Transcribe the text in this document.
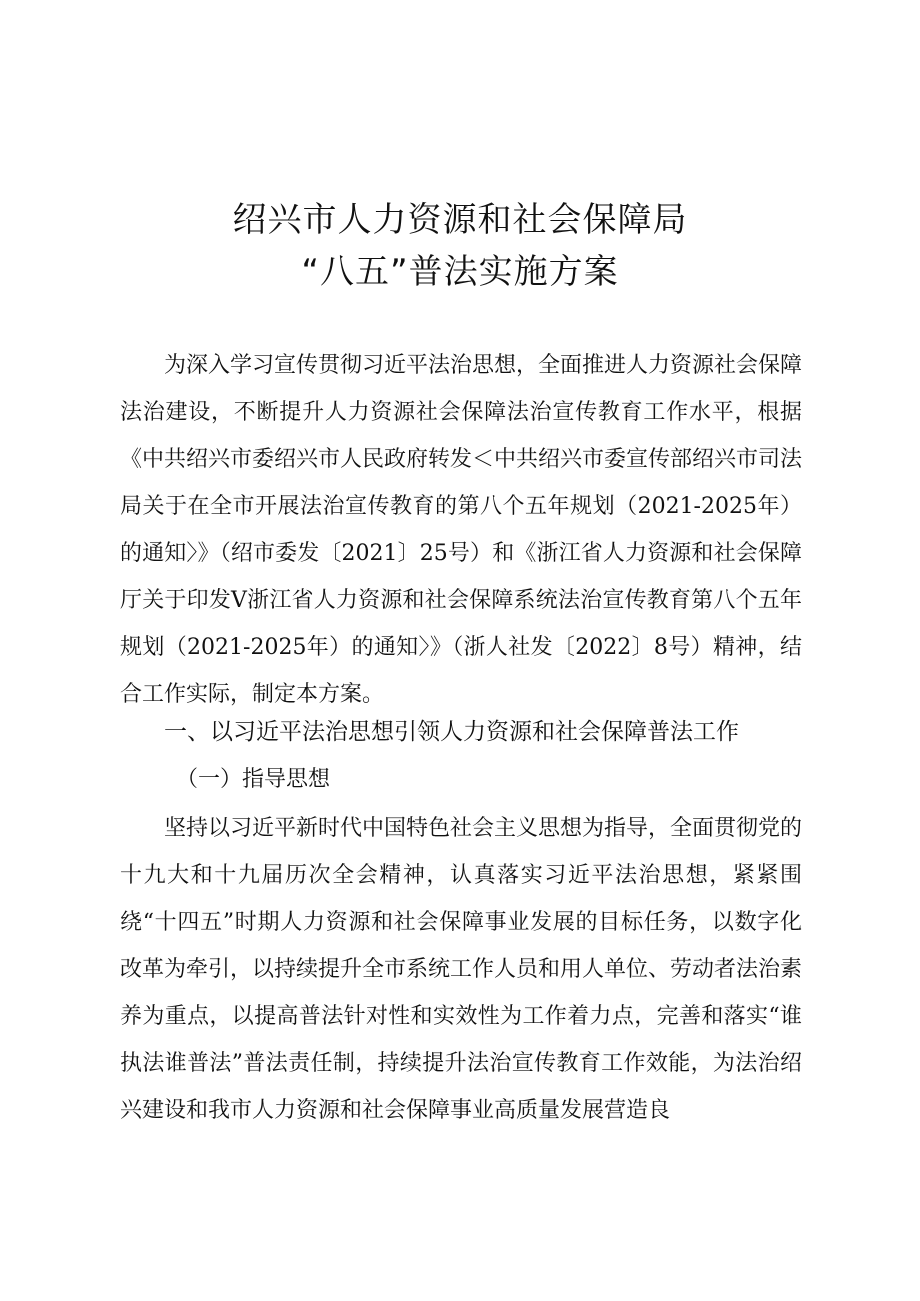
绍兴市人力资源和社会保障局
“八五”普法实施方案

为深入学习宣传贯彻习近平法治思想，全面推进人力资源社会保障法治建设，不断提升人力资源社会保障法治宣传教育工作水平，根据《中共绍兴市委绍兴市人民政府转发＜中共绍兴市委宣传部绍兴市司法局关于在全市开展法治宣传教育的第八个五年规划（2021-2025年）的通知〉》（绍市委发〔2021〕25号）和《浙江省人力资源和社会保障厅关于印发Ⅴ浙江省人力资源和社会保障系统法治宣传教育第八个五年规划（2021-2025年）的通知〉》（浙人社发〔2022〕8号）精神，结合工作实际，制定本方案。

一、以习近平法治思想引领人力资源和社会保障普法工作
（一）指导思想

坚持以习近平新时代中国特色社会主义思想为指导，全面贯彻党的十九大和十九届历次全会精神，认真落实习近平法治思想，紧紧围绕“十四五”时期人力资源和社会保障事业发展的目标任务，以数字化改革为牵引，以持续提升全市系统工作人员和用人单位、劳动者法治素养为重点，以提高普法针对性和实效性为工作着力点，完善和落实“谁执法谁普法”普法责任制，持续提升法治宣传教育工作效能，为法治绍兴建设和我市人力资源和社会保障事业高质量发展营造良
